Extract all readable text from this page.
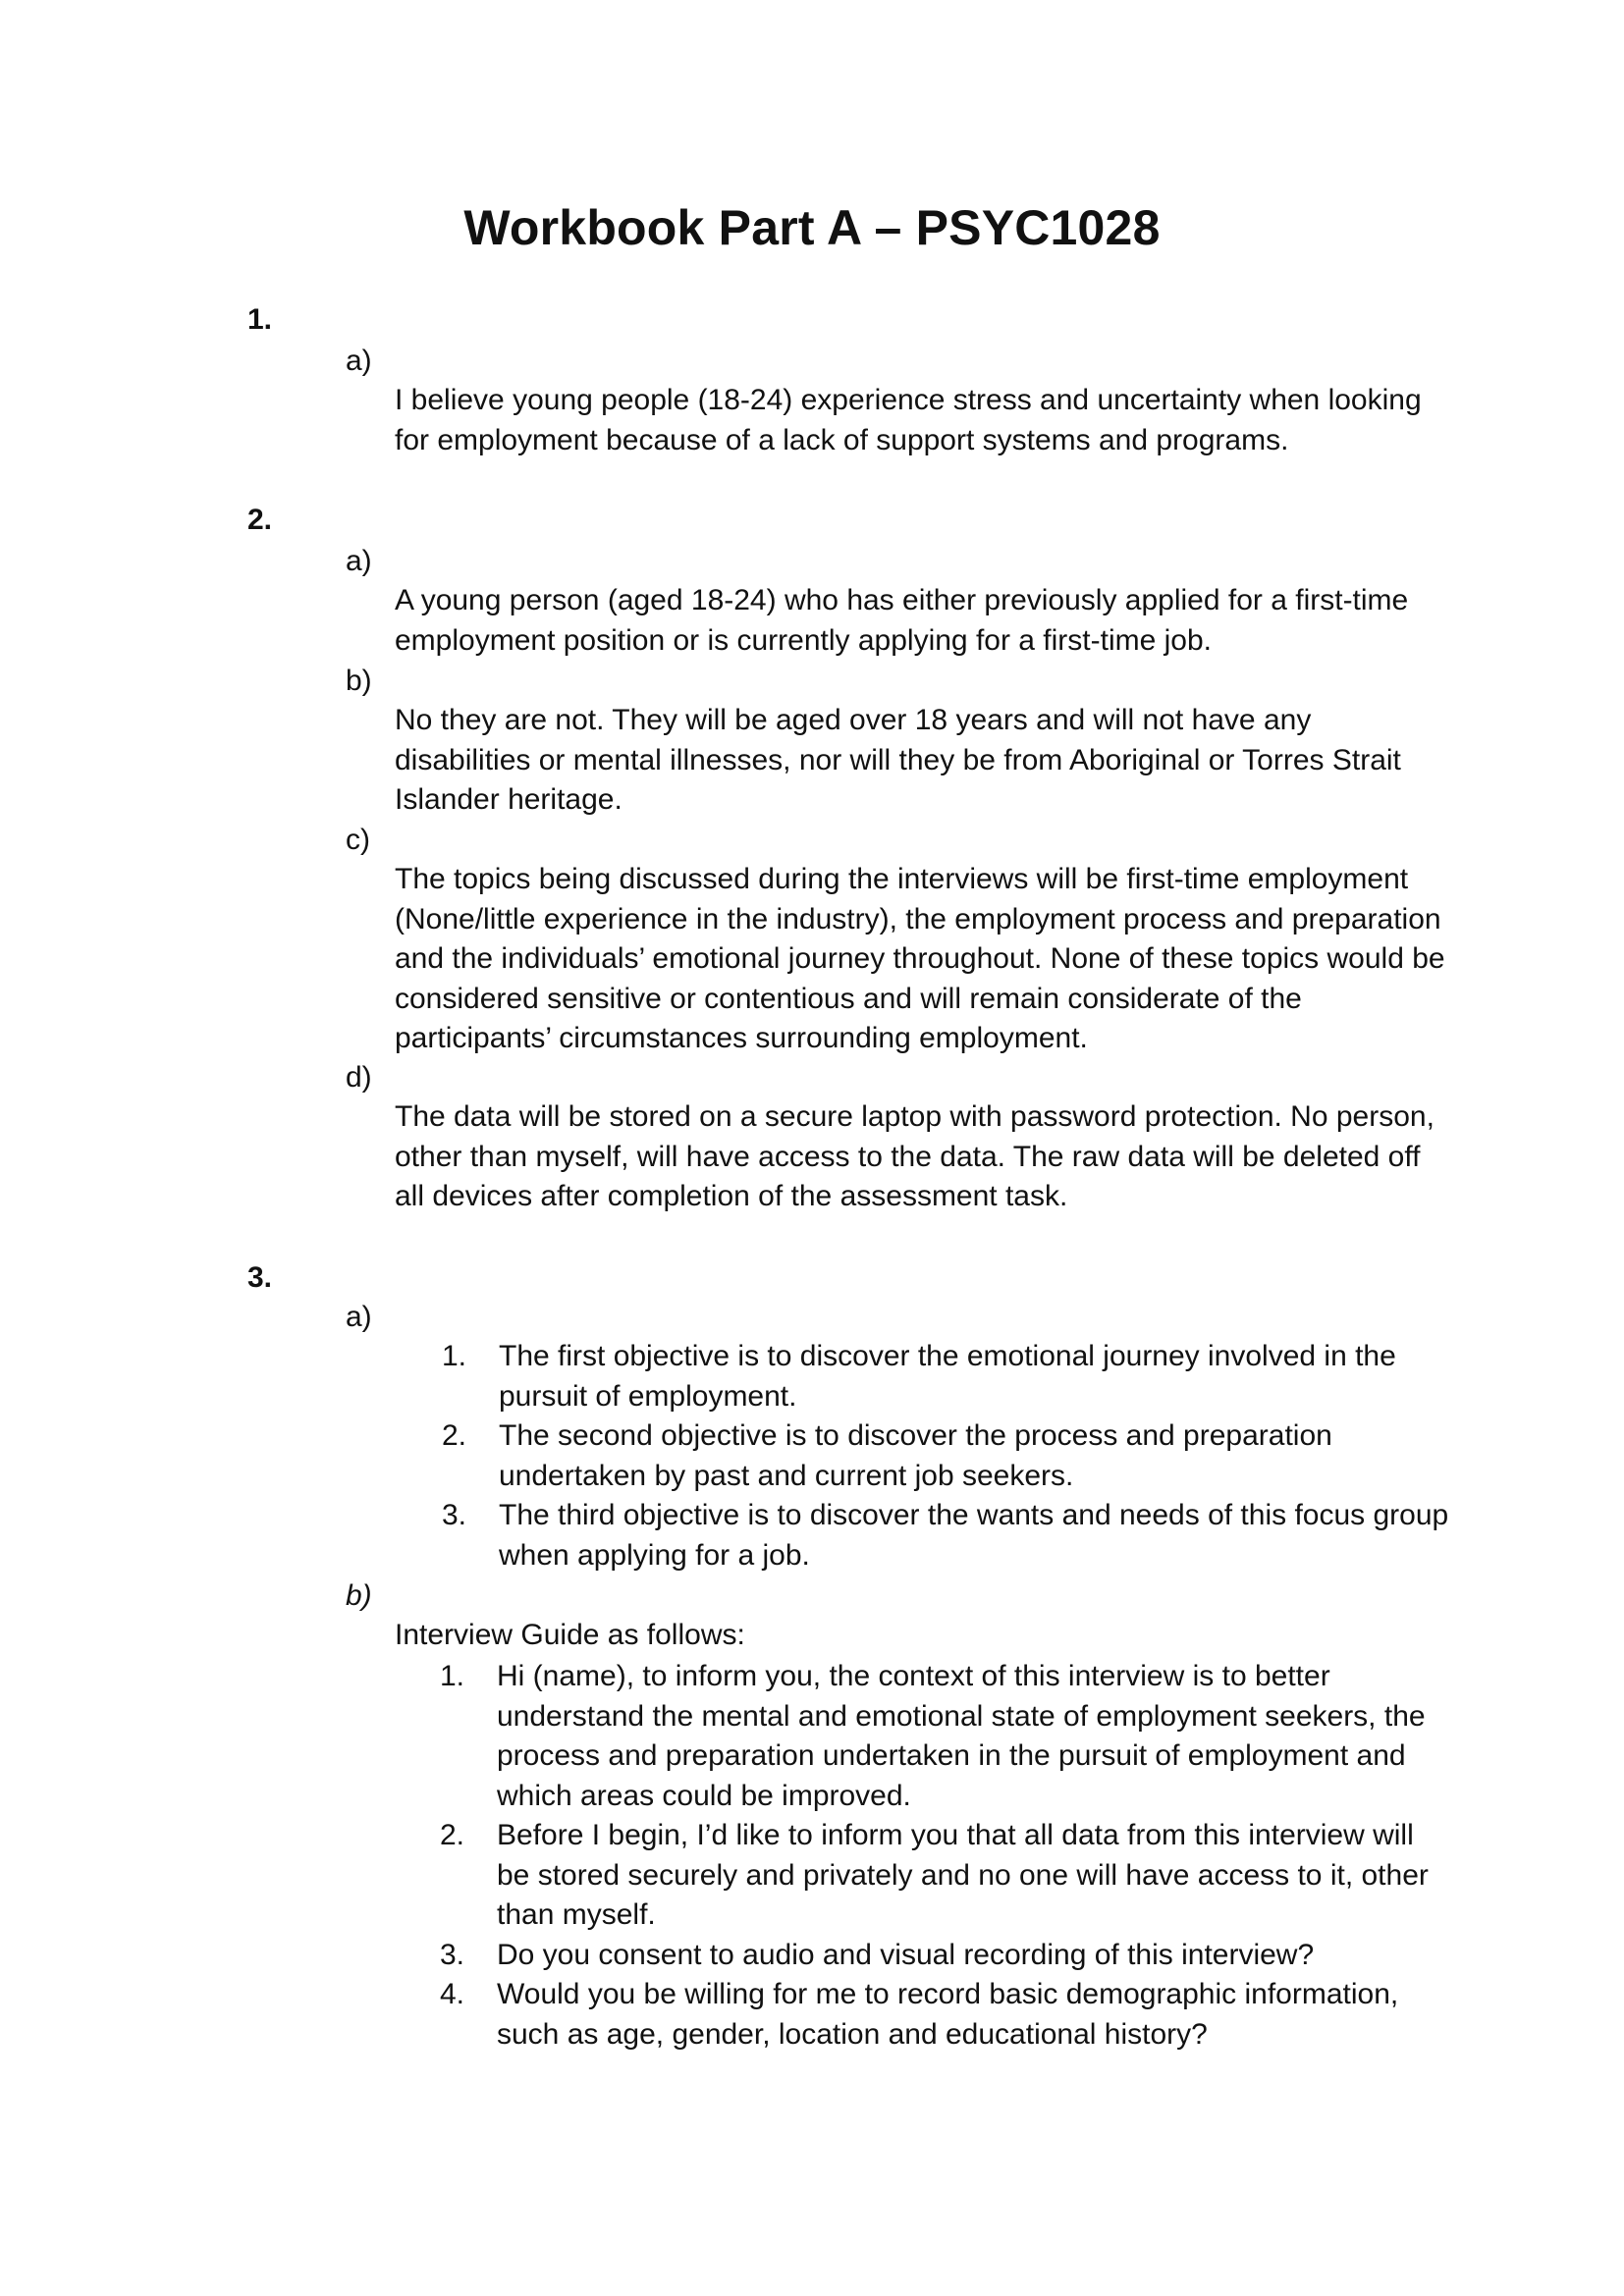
Workbook Part A – PSYC1028
1.
a)
I believe young people (18-24) experience stress and uncertainty when looking for employment because of a lack of support systems and programs.
2.
a)
A young person (aged 18-24) who has either previously applied for a first-time employment position or is currently applying for a first-time job.
b)
No they are not. They will be aged over 18 years and will not have any disabilities or mental illnesses, nor will they be from Aboriginal or Torres Strait Islander heritage.
c)
The topics being discussed during the interviews will be first-time employment (None/little experience in the industry), the employment process and preparation and the individuals’ emotional journey throughout. None of these topics would be considered sensitive or contentious and will remain considerate of the participants’ circumstances surrounding employment.
d)
The data will be stored on a secure laptop with password protection. No person, other than myself, will have access to the data. The raw data will be deleted off all devices after completion of the assessment task.
3.
a)
1. The first objective is to discover the emotional journey involved in the pursuit of employment.
2. The second objective is to discover the process and preparation undertaken by past and current job seekers.
3. The third objective is to discover the wants and needs of this focus group when applying for a job.
b)
Interview Guide as follows:
1. Hi (name), to inform you, the context of this interview is to better understand the mental and emotional state of employment seekers, the process and preparation undertaken in the pursuit of employment and which areas could be improved.
2. Before I begin, I’d like to inform you that all data from this interview will be stored securely and privately and no one will have access to it, other than myself.
3. Do you consent to audio and visual recording of this interview?
4. Would you be willing for me to record basic demographic information, such as age, gender, location and educational history?
